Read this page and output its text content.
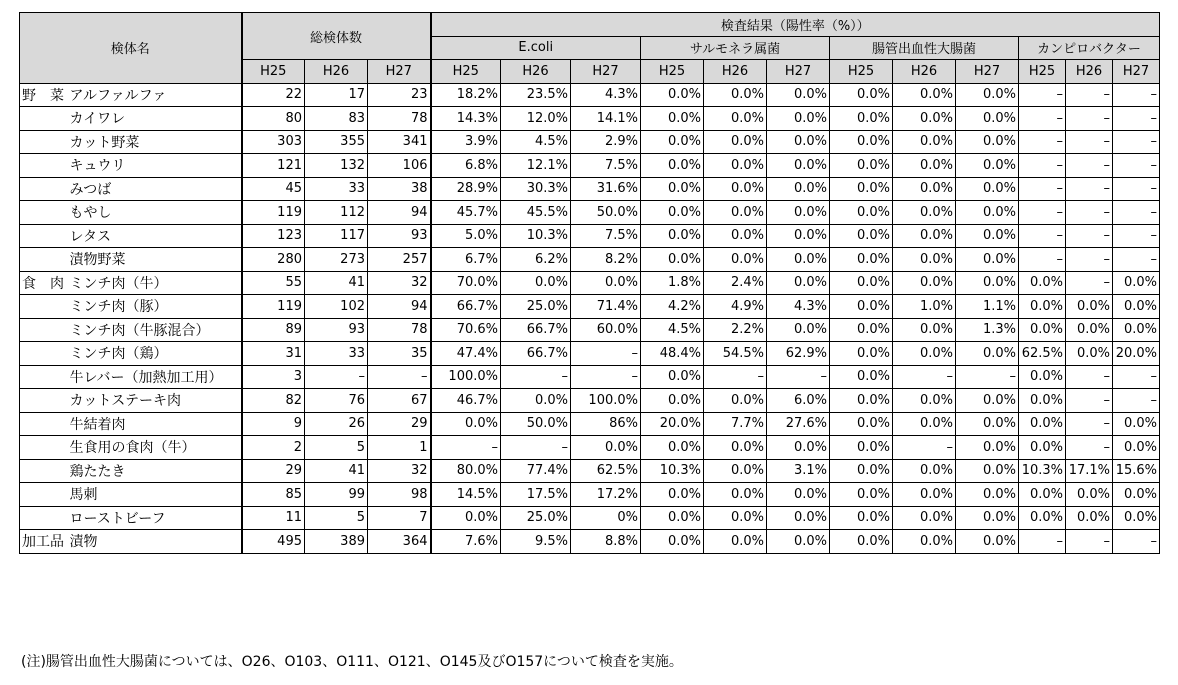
検体名		総検体数			検査結果（陽性率（%））											
					E.coli			サルモネラ属菌			腸管出血性大腸菌			カンピロバクター		
		H25	H26	H27	H25	H26	H27	H25	H26	H27	H25	H26	H27	H25	H26	H27
野　菜	アルファルファ	22	17	23	18.2%	23.5%	4.3%	0.0%	0.0%	0.0%	0.0%	0.0%	0.0%	–	–	–
	カイワレ	80	83	78	14.3%	12.0%	14.1%	0.0%	0.0%	0.0%	0.0%	0.0%	0.0%	–	–	–
	カット野菜	303	355	341	3.9%	4.5%	2.9%	0.0%	0.0%	0.0%	0.0%	0.0%	0.0%	–	–	–
	キュウリ	121	132	106	6.8%	12.1%	7.5%	0.0%	0.0%	0.0%	0.0%	0.0%	0.0%	–	–	–
	みつば	45	33	38	28.9%	30.3%	31.6%	0.0%	0.0%	0.0%	0.0%	0.0%	0.0%	–	–	–
	もやし	119	112	94	45.7%	45.5%	50.0%	0.0%	0.0%	0.0%	0.0%	0.0%	0.0%	–	–	–
	レタス	123	117	93	5.0%	10.3%	7.5%	0.0%	0.0%	0.0%	0.0%	0.0%	0.0%	–	–	–
	漬物野菜	280	273	257	6.7%	6.2%	8.2%	0.0%	0.0%	0.0%	0.0%	0.0%	0.0%	–	–	–
食　肉	ミンチ肉（牛）	55	41	32	70.0%	0.0%	0.0%	1.8%	2.4%	0.0%	0.0%	0.0%	0.0%	0.0%	–	0.0%
	ミンチ肉（豚）	119	102	94	66.7%	25.0%	71.4%	4.2%	4.9%	4.3%	0.0%	1.0%	1.1%	0.0%	0.0%	0.0%
	ミンチ肉（牛豚混合）	89	93	78	70.6%	66.7%	60.0%	4.5%	2.2%	0.0%	0.0%	0.0%	1.3%	0.0%	0.0%	0.0%
	ミンチ肉（鶏）	31	33	35	47.4%	66.7%	–	48.4%	54.5%	62.9%	0.0%	0.0%	0.0%	62.5%	0.0%	20.0%
	牛レバー（加熱加工用）	3	–	–	100.0%	–	–	0.0%	–	–	0.0%	–	–	0.0%	–	–
	カットステーキ肉	82	76	67	46.7%	0.0%	100.0%	0.0%	0.0%	6.0%	0.0%	0.0%	0.0%	0.0%	–	–
	牛結着肉	9	26	29	0.0%	50.0%	86%	20.0%	7.7%	27.6%	0.0%	0.0%	0.0%	0.0%	–	0.0%
	生食用の食肉（牛）	2	5	1	–	–	0.0%	0.0%	0.0%	0.0%	0.0%	–	0.0%	0.0%	–	0.0%
	鶏たたき	29	41	32	80.0%	77.4%	62.5%	10.3%	0.0%	3.1%	0.0%	0.0%	0.0%	10.3%	17.1%	15.6%
	馬刺	85	99	98	14.5%	17.5%	17.2%	0.0%	0.0%	0.0%	0.0%	0.0%	0.0%	0.0%	0.0%	0.0%
	ローストビーフ	11	5	7	0.0%	25.0%	0%	0.0%	0.0%	0.0%	0.0%	0.0%	0.0%	0.0%	0.0%	0.0%
加工品	漬物	495	389	364	7.6%	9.5%	8.8%	0.0%	0.0%	0.0%	0.0%	0.0%	0.0%	–	–	–
(注)腸管出血性大腸菌については、O26、O103、O111、O121、O145及びO157について検査を実施。
